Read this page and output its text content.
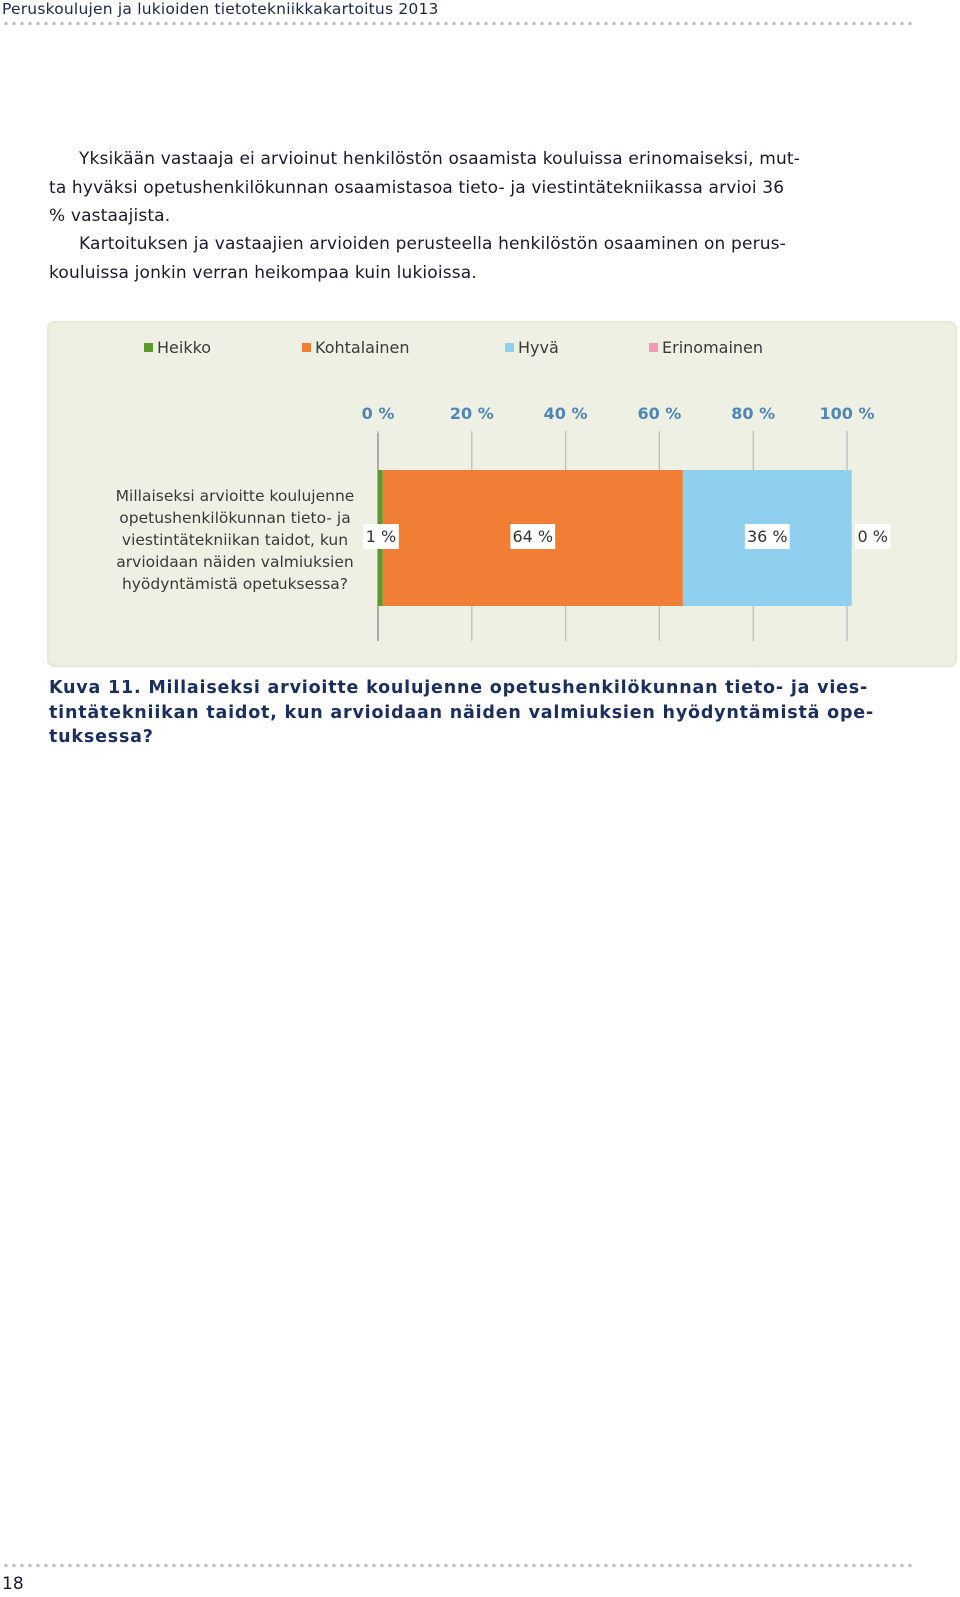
Peruskoulujen ja lukioiden tietotekniikkakartoitus 2013

Yksikään vastaaja ei arvioinut henkilöstön osaamista kouluissa erinomaiseksi, mut-
ta hyväksi opetushenkilökunnan osaamistasoa tieto- ja viestintätekniikassa arvioi 36
% vastaajista.

Kartoituksen ja vastaajien arvioiden perusteella henkilöstön osaaminen on perus-
kouluissa jonkin verran heikompaa kuin lukioissa.

Heikko	Kohtalainen	Hyvä	Erinomainen
0 %	20 %	40 %	60 %	80 %	100 %
1 %	64 %	36 %	0 %
Millaiseksi arvioitte koulujenne
opetushenkilökunnan tieto- ja
viestintätekniikan taidot, kun
arvioidaan näiden valmiuksien
hyödyntämistä opetuksessa?

Kuva 11. Millaiseksi arvioitte koulujenne opetushenkilökunnan tieto- ja vies-
tintätekniikan taidot, kun arvioidaan näiden valmiuksien hyödyntämistä ope-
tuksessa?

18
